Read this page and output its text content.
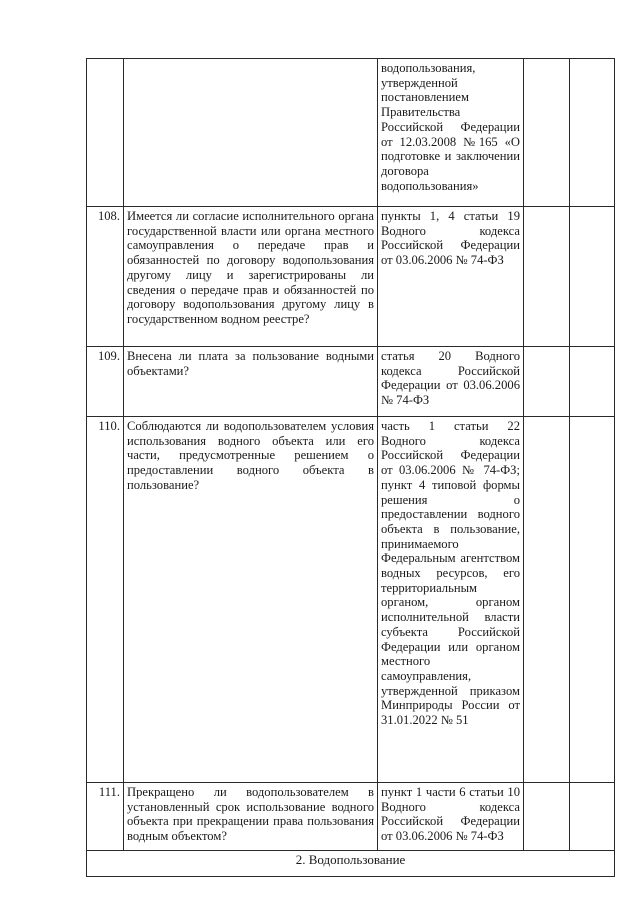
		водопользования, утвержденной постановлением Правительства Российской Федерации от 12.03.2008 №165 «О подготовке и заключении договора водопользования»		
108.	Имеется ли согласие исполнительного органа государственной власти или органа местного самоуправления о передаче прав и обязанностей по договору водопользования другому лицу и зарегистрированы ли сведения о передаче прав и обязанностей по договору водопользования другому лицу в государственном водном реестре?	пункты 1, 4 статьи 19 Водного кодекса Российской Федерации от 03.06.2006 № 74-ФЗ		
109.	Внесена ли плата за пользование водными объектами?	статья 20 Водного кодекса Российской Федерации от 03.06.2006 № 74-ФЗ		
110.	Соблюдаются ли водопользователем условия использования водного объекта или его части, предусмотренные решением о предоставлении водного объекта в пользование?	часть 1 статьи 22 Водного кодекса Российской Федерации от 03.06.2006 № 74-ФЗ; пункт 4 типовой формы решения о предоставлении водного объекта в пользование, принимаемого Федеральным агентством водных ресурсов, его территориальным органом, органом исполнительной власти субъекта Российской Федерации или органом местного самоуправления, утвержденной приказом Минприроды России от 31.01.2022 № 51		
111.	Прекращено ли водопользователем в установленный срок использование водного объекта при прекращении права пользования водным объектом?	пункт 1 части 6 статьи 10 Водного кодекса Российской Федерации от 03.06.2006 № 74-ФЗ		
2. Водопользование				
